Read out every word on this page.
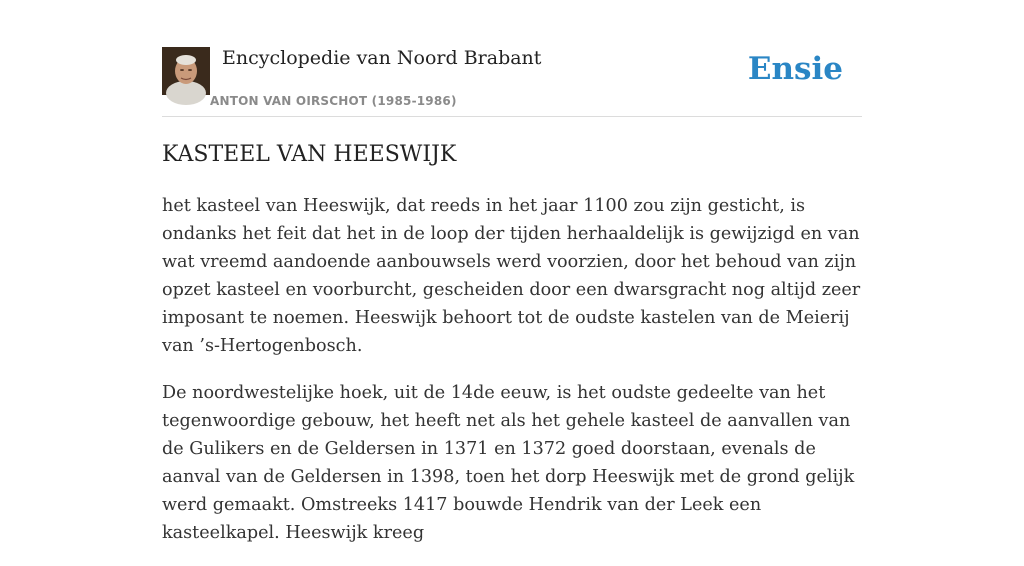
Encyclopedie van Noord Brabant
ANTON VAN OIRSCHOT (1985-1986)
Ensie
KASTEEL VAN HEESWIJK

het kasteel van Heeswijk, dat reeds in het jaar 1100 zou zijn gesticht, is ondanks het feit dat het in de loop der tijden herhaaldelijk is gewijzigd en van wat vreemd aandoende aanbouwsels werd voorzien, door het behoud van zijn opzet kasteel en voorburcht, gescheiden door een dwarsgracht nog altijd zeer imposant te noemen. Heeswijk behoort tot de oudste kastelen van de Meierij van ’s-Hertogenbosch.

De noordwestelijke hoek, uit de 14de eeuw, is het oudste gedeelte van het tegenwoordige gebouw, het heeft net als het gehele kasteel de aanvallen van de Gulikers en de Geldersen in 1371 en 1372 goed doorstaan, evenals de aanval van de Geldersen in 1398, toen het dorp Heeswijk met de grond gelijk werd gemaakt. Omstreeks 1417 bouwde Hendrik van der Leek een kasteelkapel. Heeswijk kreeg
